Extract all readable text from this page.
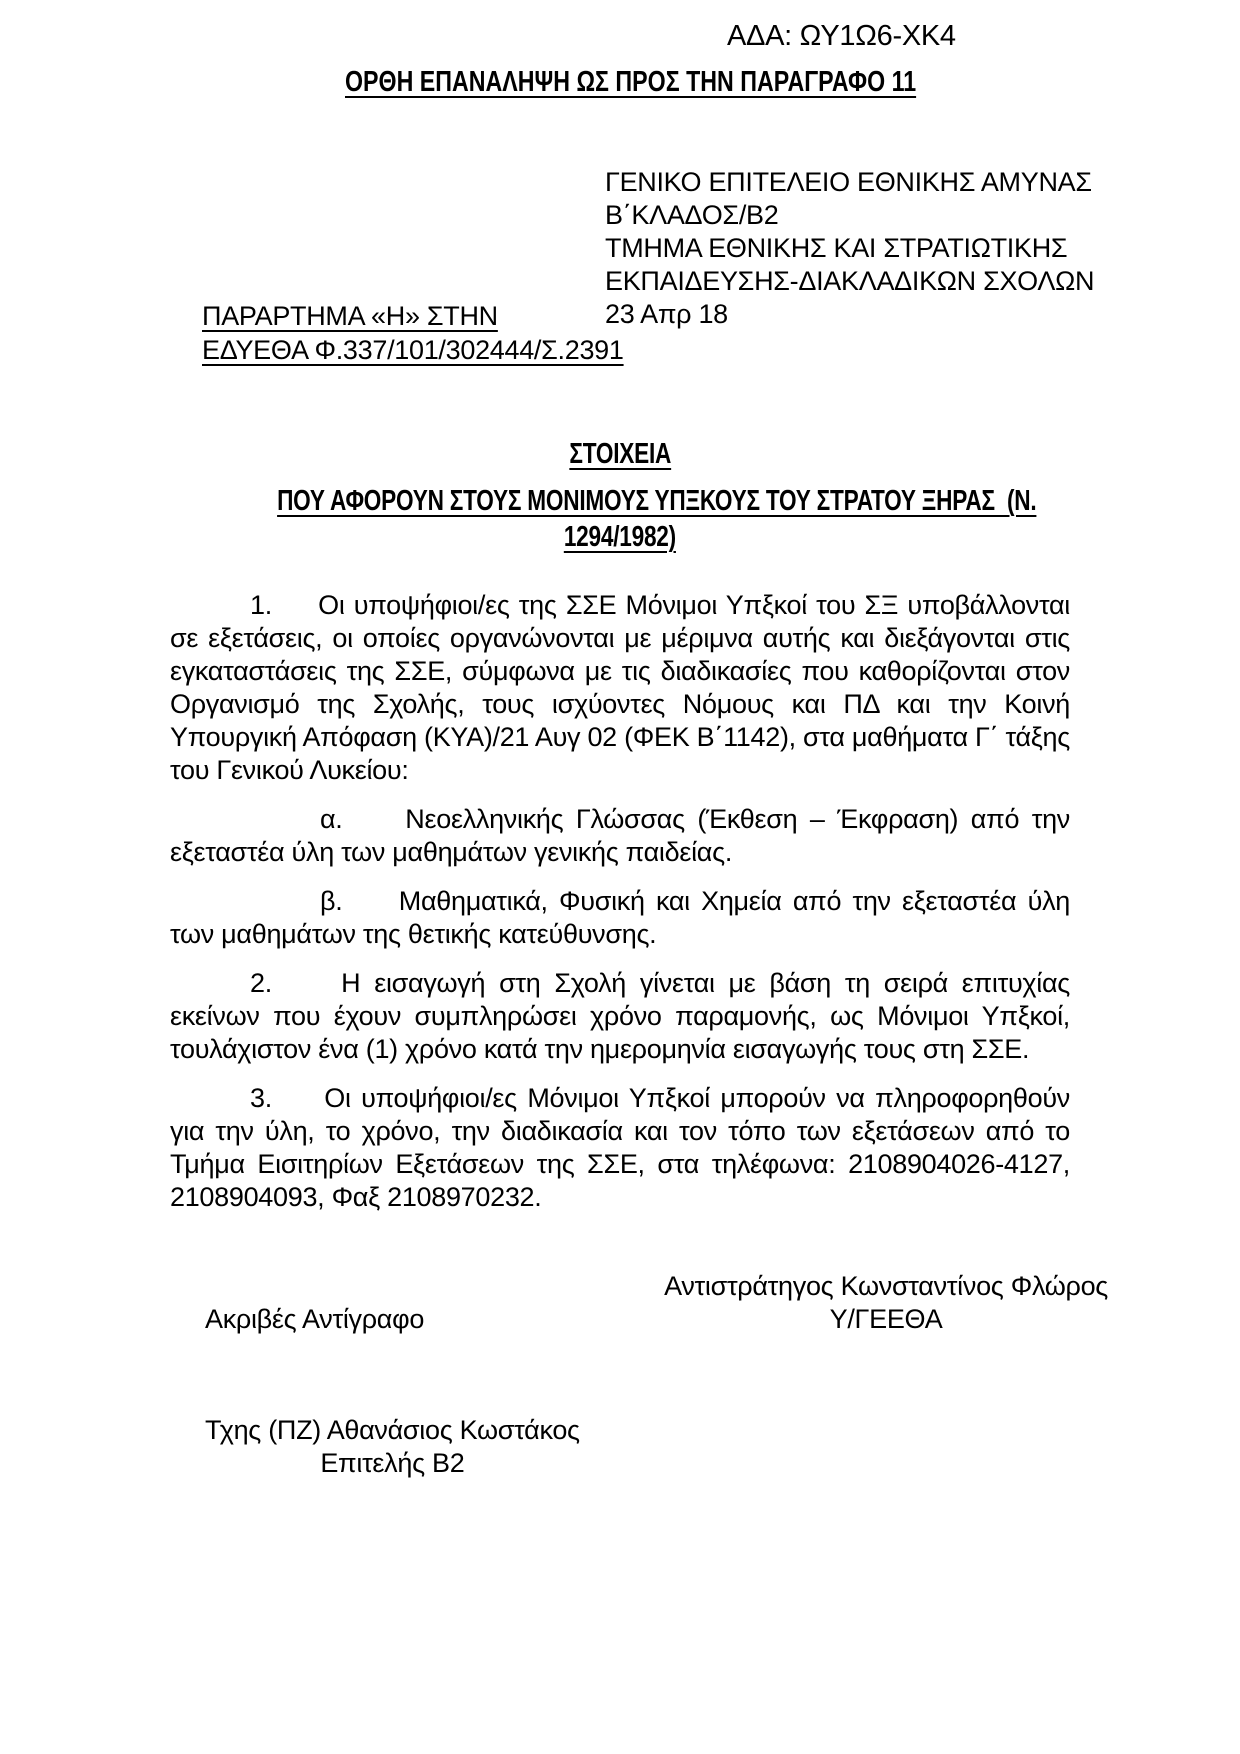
ΑΔΑ: ΩΥ1Ω6-ΧΚ4
ΟΡΘΗ ΕΠΑΝΑΛΗΨΗ ΩΣ ΠΡΟΣ ΤΗΝ ΠΑΡΑΓΡΑΦΟ 11
ΓΕΝΙΚΟ ΕΠΙΤΕΛΕΙΟ ΕΘΝΙΚΗΣ ΑΜΥΝΑΣ
Β΄ΚΛΑΔΟΣ/Β2
ΤΜΗΜΑ ΕΘΝΙΚΗΣ ΚΑΙ ΣΤΡΑΤΙΩΤΙΚΗΣ
ΕΚΠΑΙΔΕΥΣΗΣ-ΔΙΑΚΛΑΔΙΚΩΝ ΣΧΟΛΩΝ
23 Απρ 18
ΠΑΡΑΡΤΗΜΑ «Η» ΣΤΗΝ
ΕΔΥΕΘΑ Φ.337/101/302444/Σ.2391
ΣΤΟΙΧΕΙΑ
ΠΟΥ ΑΦΟΡΟΥΝ ΣΤΟΥΣ ΜΟΝΙΜΟΥΣ ΥΠΞΚΟΥΣ ΤΟΥ ΣΤΡΑΤΟΥ ΞΗΡΑΣ  (Ν.
1294/1982)

1.     Οι υποψήφιοι/ες της ΣΣΕ Μόνιμοι Υπξκοί του ΣΞ υποβάλλονται σε εξετάσεις, οι οποίες οργανώνονται με μέριμνα αυτής και διεξάγονται στις εγκαταστάσεις της ΣΣΕ, σύμφωνα με τις διαδικασίες που καθορίζονται στον Οργανισμό της Σχολής, τους ισχύοντες Νόμους και ΠΔ και την Κοινή Υπουργική Απόφαση (ΚΥΑ)/21 Αυγ 02 (ΦΕΚ Β΄1142), στα μαθήματα Γ΄ τάξης του Γενικού Λυκείου:

α.     Νεοελληνικής Γλώσσας (Έκθεση – Έκφραση) από την εξεταστέα ύλη των μαθημάτων γενικής παιδείας.

β.     Μαθηματικά, Φυσική και Χημεία από την εξεταστέα ύλη των μαθημάτων της θετικής κατεύθυνσης.

2.     Η εισαγωγή στη Σχολή γίνεται με βάση τη σειρά επιτυχίας εκείνων που έχουν συμπληρώσει χρόνο παραμονής, ως Μόνιμοι Υπξκοί, τουλάχιστον ένα (1) χρόνο κατά την ημερομηνία εισαγωγής τους στη ΣΣΕ.

3.     Οι υποψήφιοι/ες Μόνιμοι Υπξκοί μπορούν να πληροφορηθούν για την ύλη, το χρόνο, την διαδικασία και τον τόπο των εξετάσεων από το Τμήμα Εισιτηρίων Εξετάσεων της ΣΣΕ, στα τηλέφωνα: 2108904026-4127, 2108904093, Φαξ 2108970232.

Ακριβές Αντίγραφο
Αντιστράτηγος Κωνσταντίνος Φλώρος
Υ/ΓΕΕΘΑ
Τχης (ΠΖ) Αθανάσιος Κωστάκος
Επιτελής Β2
